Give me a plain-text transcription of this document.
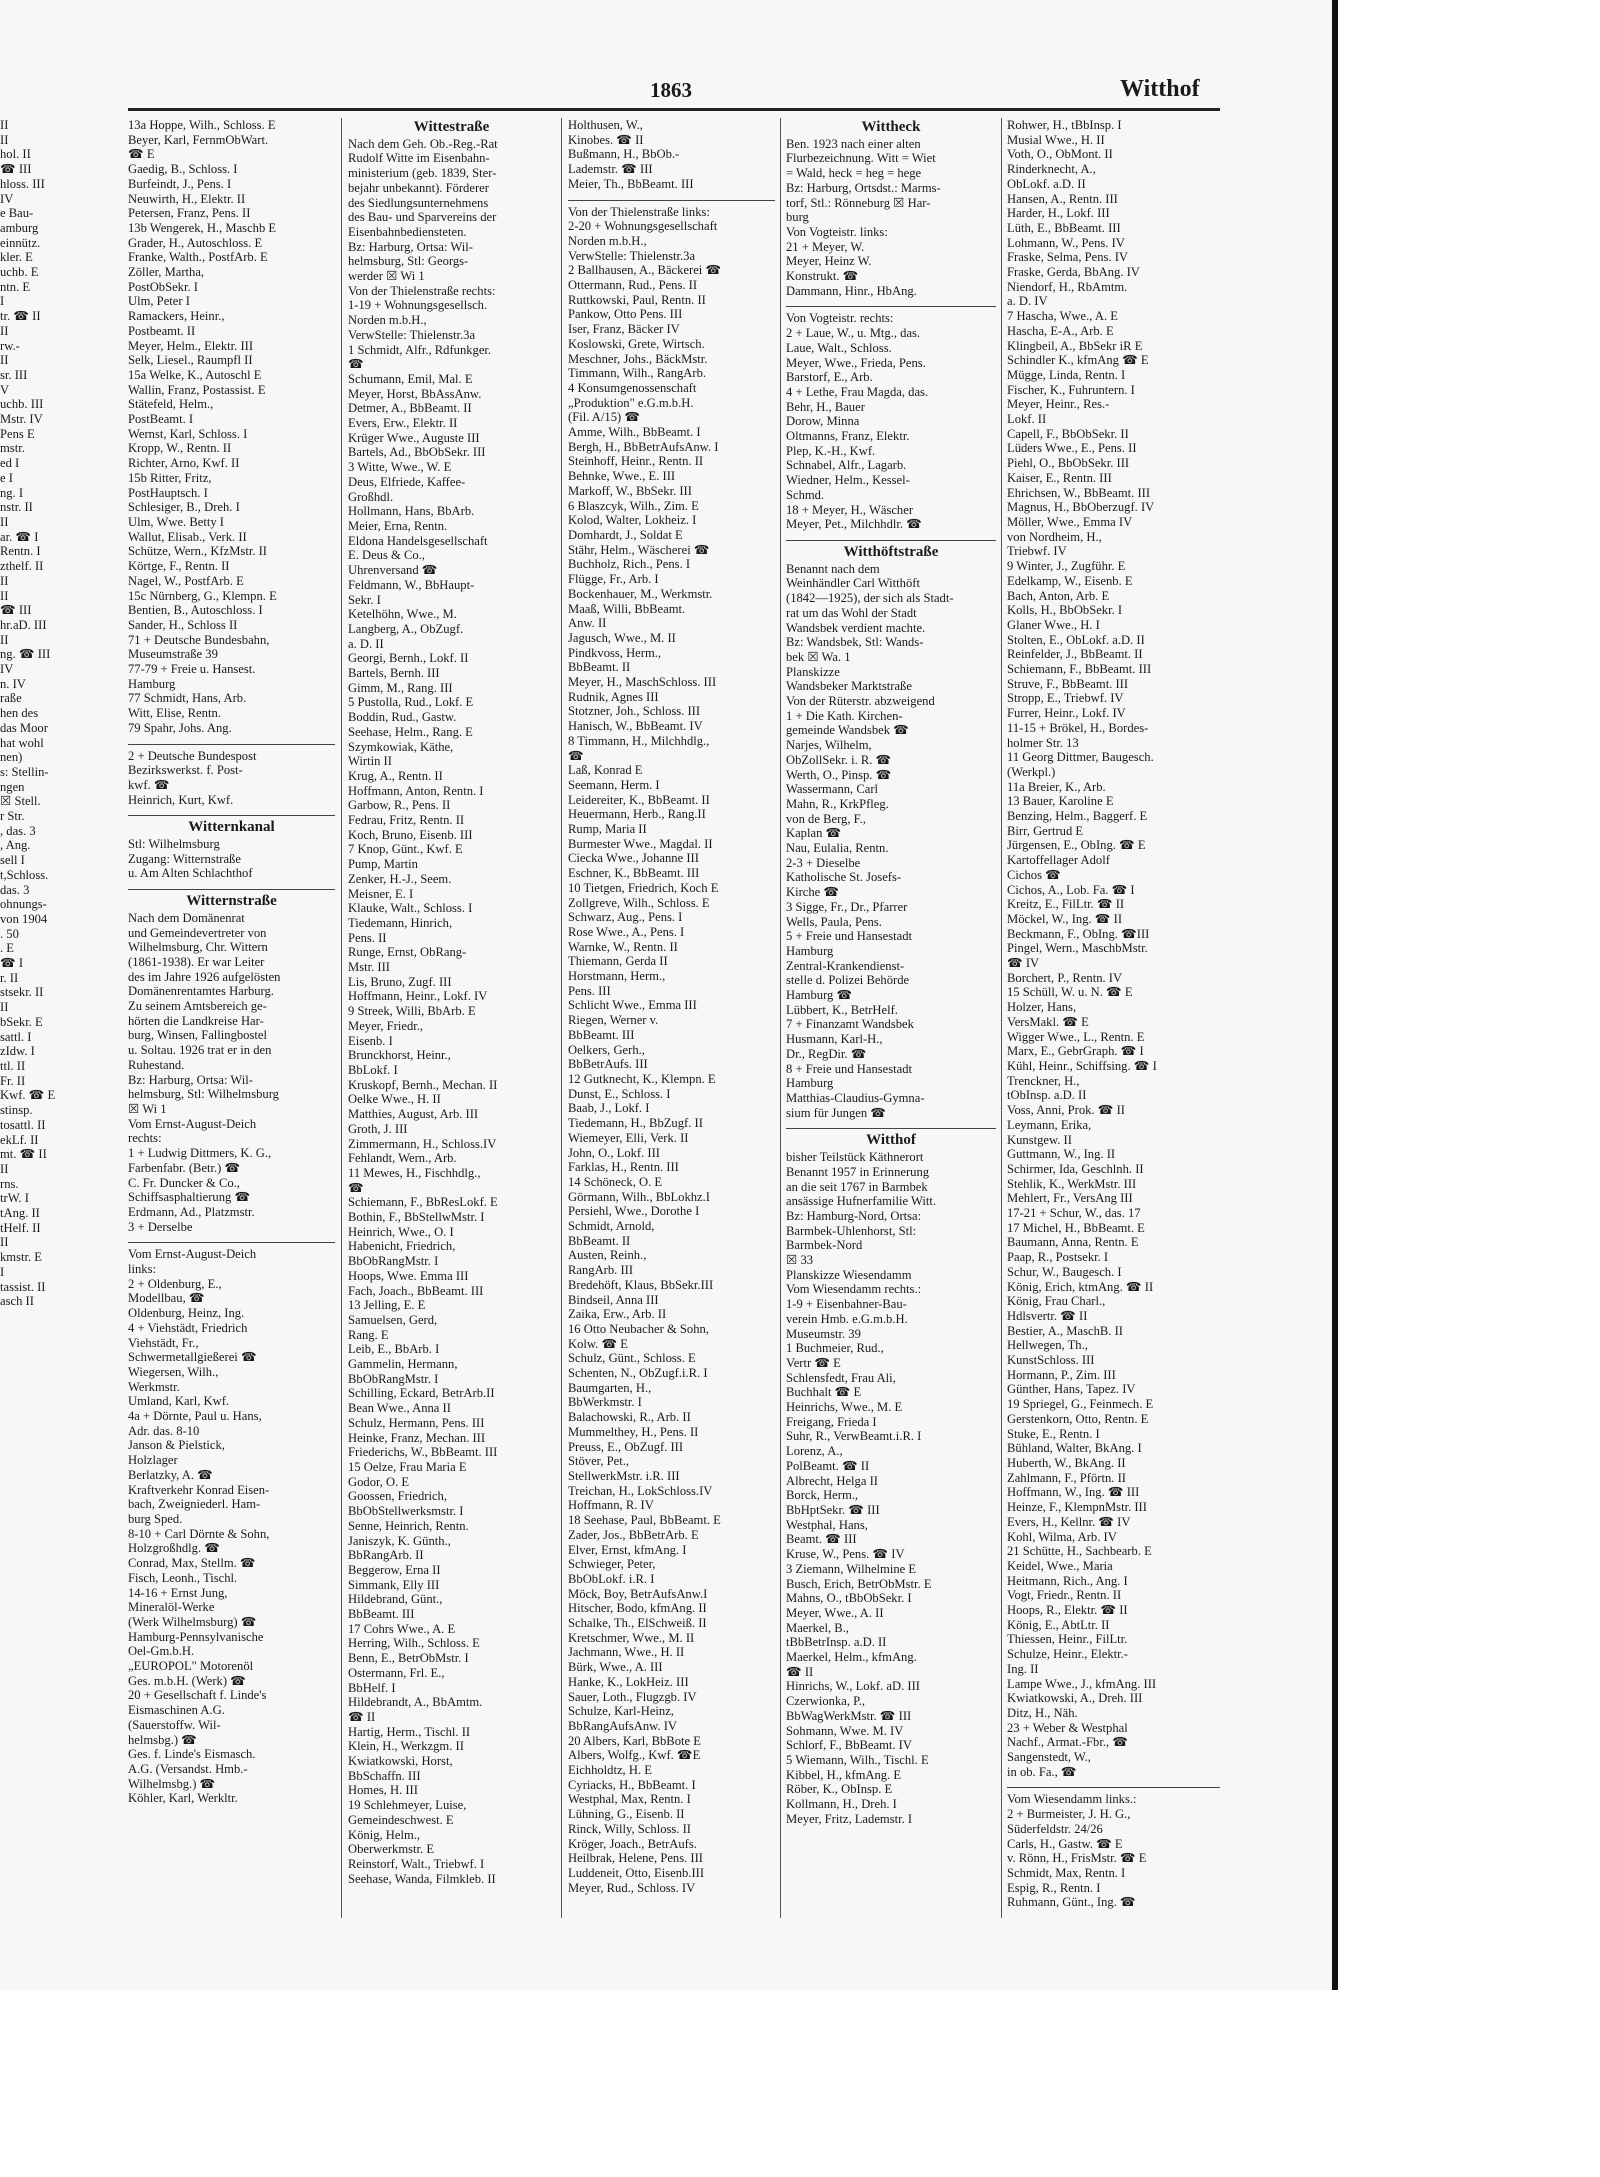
1863	Witthof
II
II
hol. II
☎ III
hloss. III
IV
e Bau-
amburg
einnütz.
kler. E
uchb. E
ntn. E
I
tr. ☎ II
II
rw.-
II
sr. III
V
uchb. III
Mstr. IV
Pens E
mstr.
ed I
e I
ng. I
nstr. II
II
ar. ☎ I
Rentn. I
zthelf. II
II
II
☎ III
hr.aD. III
II
ng. ☎ III
IV
n. IV
raße
hen des
das Moor
hat wohl
nen)
s: Stellin-
ngen
☒ Stell.
r Str.
, das. 3
, Ang.
sell I
t,Schloss.
das. 3
ohnungs-
von 1904
. 50
. E
☎ I
r. II
stsekr. II
II
bSekr. E
sattl. I
zIdw. I
ttl. II
Fr. II
Kwf. ☎ E
stinsp.
tosattl. II
ekLf. II
mt. ☎ II
II
rns.
trW. I
tAng. II
tHelf. II
II
kmstr. E
I
tassist. II
asch II
13a Hoppe, Wilh., Schloss. E
Beyer, Karl, FernmObWart.
☎ E
Gaedig, B., Schloss. I
Burfeindt, J., Pens. I
Neuwirth, H., Elektr. II
Petersen, Franz, Pens. II
13b Wengerek, H., Maschb E
Grader, H., Autoschloss. E
Franke, Walth., PostfArb. E
Zöller, Martha,
PostObSekr. I
Ulm, Peter I
Ramackers, Heinr.,
Postbeamt. II
Meyer, Helm., Elektr. III
Selk, Liesel., Raumpfl II
15a Welke, K., Autoschl E
Wallin, Franz, Postassist. E
Stätefeld, Helm.,
PostBeamt. I
Wernst, Karl, Schloss. I
Kropp, W., Rentn. II
Richter, Arno, Kwf. II
15b Ritter, Fritz,
PostHauptsch. I
Schlesiger, B., Dreh. I
Ulm, Wwe. Betty I
Wallut, Elisab., Verk. II
Schütze, Wern., KfzMstr. II
Körtge, F., Rentn. II
Nagel, W., PostfArb. E
15c Nürnberg, G., Klempn. E
Bentien, B., Autoschloss. I
Sander, H., Schloss II
71 + Deutsche Bundesbahn,
Museumstraße 39
77-79 + Freie u. Hansest.
Hamburg
77 Schmidt, Hans, Arb.
Witt, Elise, Rentn.
79 Spahr, Johs. Ang.
2 + Deutsche Bundespost
Bezirkswerkst. f. Post-
kwf. ☎
Heinrich, Kurt, Kwf.
Witternkanal
Stl: Wilhelmsburg
Zugang: Witternstraße
u. Am Alten Schlachthof
Witternstraße
Nach dem Domänenrat
und Gemeindevertreter von
Wilhelmsburg, Chr. Wittern
(1861-1938). Er war Leiter
des im Jahre 1926 aufgelösten
Domänenrentamtes Harburg.
Zu seinem Amtsbereich ge-
hörten die Landkreise Har-
burg, Winsen, Fallingbostel
u. Soltau. 1926 trat er in den
Ruhestand.
Bz: Harburg, Ortsa: Wil-
helmsburg, Stl: Wilhelmsburg
☒ Wi 1
Vom Ernst-August-Deich
rechts:
1 + Ludwig Dittmers, K. G.,
Farbenfabr. (Betr.) ☎
C. Fr. Duncker & Co.,
Schiffsasphaltierung ☎
Erdmann, Ad., Platzmstr.
3 + Derselbe
Vom Ernst-August-Deich
links:
2 + Oldenburg, E.,
Modellbau, ☎
Oldenburg, Heinz, Ing.
4 + Viehstädt, Friedrich
Viehstädt, Fr.,
Schwermetallgießerei ☎
Wiegersen, Wilh.,
Werkmstr.
Umland, Karl, Kwf.
4a + Dörnte, Paul u. Hans,
Adr. das. 8-10
Janson & Pielstick,
Holzlager
Berlatzky, A. ☎
Kraftverkehr Konrad Eisen-
bach, Zweigniederl. Ham-
burg Sped.
8-10 + Carl Dörnte & Sohn,
Holzgroßhdlg. ☎
Conrad, Max, Stellm. ☎
Fisch, Leonh., Tischl.
14-16 + Ernst Jung,
Mineralöl-Werke
(Werk Wilhelmsburg) ☎
Hamburg-Pennsylvanische
Oel-Gm.b.H.
„EUROPOL" Motorenöl
Ges. m.b.H. (Werk) ☎
20 + Gesellschaft f. Linde's
Eismaschinen A.G.
(Sauerstoffw. Wil-
helmsbg.) ☎
Ges. f. Linde's Eismasch.
A.G. (Versandst. Hmb.-
Wilhelmsbg.) ☎
Köhler, Karl, Werkltr.
Wittestraße
Nach dem Geh. Ob.-Reg.-Rat
Rudolf Witte im Eisenbahn-
ministerium (geb. 1839, Ster-
bejahr unbekannt). Förderer
des Siedlungsunternehmens
des Bau- und Sparvereins der
Eisenbahnbediensteten.
Bz: Harburg, Ortsa: Wil-
helmsburg, Stl: Georgs-
werder ☒ Wi 1
Von der Thielenstraße rechts:
1-19 + Wohnungsgesellsch.
Norden m.b.H.,
VerwStelle: Thielenstr.3a
1 Schmidt, Alfr., Rdfunkger.
☎
Schumann, Emil, Mal. E
Meyer, Horst, BbAssAnw.
Detmer, A., BbBeamt. II
Evers, Erw., Elektr. II
Krüger Wwe., Auguste III
Bartels, Ad., BbObSekr. III
3 Witte, Wwe., W. E
Deus, Elfriede, Kaffee-
Großhdl.
Hollmann, Hans, BbArb.
Meier, Erna, Rentn.
Eldona Handelsgesellschaft
E. Deus & Co.,
Uhrenversand ☎
Feldmann, W., BbHaupt-
Sekr. I
Ketelhöhn, Wwe., M.
Langberg, A., ObZugf.
a. D. II
Georgi, Bernh., Lokf. II
Bartels, Bernh. III
Gimm, M., Rang. III
5 Pustolla, Rud., Lokf. E
Boddin, Rud., Gastw.
Seehase, Helm., Rang. E
Szymkowiak, Käthe,
Wirtin II
Krug, A., Rentn. II
Hoffmann, Anton, Rentn. I
Garbow, R., Pens. II
Fedrau, Fritz, Rentn. II
Koch, Bruno, Eisenb. III
7 Knop, Günt., Kwf. E
Pump, Martin
Zenker, H.-J., Seem.
Meisner, E. I
Klauke, Walt., Schloss. I
Tiedemann, Hinrich,
Pens. II
Runge, Ernst, ObRang-
Mstr. III
Lis, Bruno, Zugf. III
Hoffmann, Heinr., Lokf. IV
9 Streek, Willi, BbArb. E
Meyer, Friedr.,
Eisenb. I
Brunckhorst, Heinr.,
BbLokf. I
Kruskopf, Bernh., Mechan. II
Oelke Wwe., H. II
Matthies, August, Arb. III
Groth, J. III
Zimmermann, H., Schloss.IV
Fehlandt, Wern., Arb.
11 Mewes, H., Fischhdlg.,
☎
Schiemann, F., BbResLokf. E
Bothin, F., BbStellwMstr. I
Heinrich, Wwe., O. I
Habenicht, Friedrich,
BbObRangMstr. I
Hoops, Wwe. Emma III
Fach, Joach., BbBeamt. III
13 Jelling, E. E
Samuelsen, Gerd,
Rang. E
Leib, E., BbArb. I
Gammelin, Hermann,
BbObRangMstr. I
Schilling, Eckard, BetrArb.II
Bean Wwe., Anna II
Schulz, Hermann, Pens. III
Heinke, Franz, Mechan. III
Friederichs, W., BbBeamt. III
15 Oelze, Frau Maria E
Godor, O. E
Goossen, Friedrich,
BbObStellwerksmstr. I
Senne, Heinrich, Rentn.
Janiszyk, K. Günth.,
BbRangArb. II
Beggerow, Erna II
Simmank, Elly III
Hildebrand, Günt.,
BbBeamt. III
17 Cohrs Wwe., A. E
Herring, Wilh., Schloss. E
Benn, E., BetrObMstr. I
Ostermann, Frl. E.,
BbHelf. I
Hildebrandt, A., BbAmtm.
☎ II
Hartig, Herm., Tischl. II
Klein, H., Werkzgm. II
Kwiatkowski, Horst,
BbSchaffn. III
Homes, H. III
19 Schlehmeyer, Luise,
Gemeindeschwest. E
König, Helm.,
Oberwerkmstr. E
Reinstorf, Walt., Triebwf. I
Seehase, Wanda, Filmkleb. II
Holthusen, W.,
Kinobes. ☎ II
Bußmann, H., BbOb.-
Lademstr. ☎ III
Meier, Th., BbBeamt. III
Von der Thielenstraße links:
2-20 + Wohnungsgesellschaft
Norden m.b.H.,
VerwStelle: Thielenstr.3a
2 Ballhausen, A., Bäckerei ☎
Ottermann, Rud., Pens. II
Ruttkowski, Paul, Rentn. II
Pankow, Otto Pens. III
Iser, Franz, Bäcker IV
Koslowski, Grete, Wirtsch.
Meschner, Johs., BäckMstr.
Timmann, Wilh., RangArb.
4 Konsumgenossenschaft
„Produktion" e.G.m.b.H.
(Fil. A/15) ☎
Amme, Wilh., BbBeamt. I
Bergh, H., BbBetrAufsAnw. I
Steinhoff, Heinr., Rentn. II
Behnke, Wwe., E. III
Markoff, W., BbSekr. III
6 Blaszcyk, Wilh., Zim. E
Kolod, Walter, Lokheiz. I
Domhardt, J., Soldat E
Stähr, Helm., Wäscherei ☎
Buchholz, Rich., Pens. I
Flügge, Fr., Arb. I
Bockenhauer, M., Werkmstr.
Maaß, Willi, BbBeamt.
Anw. II
Jagusch, Wwe., M. II
Pindkvoss, Herm.,
BbBeamt. II
Meyer, H., MaschSchloss. III
Rudnik, Agnes III
Stotzner, Joh., Schloss. III
Hanisch, W., BbBeamt. IV
8 Timmann, H., Milchhdlg.,
☎
Laß, Konrad E
Seemann, Herm. I
Leidereiter, K., BbBeamt. II
Heuermann, Herb., Rang.II
Rump, Maria II
Burmester Wwe., Magdal. II
Ciecka Wwe., Johanne III
Eschner, K., BbBeamt. III
10 Tietgen, Friedrich, Koch E
Zollgreve, Wilh., Schloss. E
Schwarz, Aug., Pens. I
Rose Wwe., A., Pens. I
Warnke, W., Rentn. II
Thiemann, Gerda II
Horstmann, Herm.,
Pens. III
Schlicht Wwe., Emma III
Riegen, Werner v.
BbBeamt. III
Oelkers, Gerh.,
BbBetrAufs. III
12 Gutknecht, K., Klempn. E
Dunst, E., Schloss. I
Baab, J., Lokf. I
Tiedemann, H., BbZugf. II
Wiemeyer, Elli, Verk. II
John, O., Lokf. III
Farklas, H., Rentn. III
14 Schöneck, O. E
Görmann, Wilh., BbLokhz.I
Persiehl, Wwe., Dorothe I
Schmidt, Arnold,
BbBeamt. II
Austen, Reinh.,
RangArb. III
Bredehöft, Klaus, BbSekr.III
Bindseil, Anna III
Zaika, Erw., Arb. II
16 Otto Neubacher & Sohn,
Kolw. ☎ E
Schulz, Günt., Schloss. E
Schenten, N., ObZugf.i.R. I
Baumgarten, H.,
BbWerkmstr. I
Balachowski, R., Arb. II
Mummelthey, H., Pens. II
Preuss, E., ObZugf. III
Stöver, Pet.,
StellwerkMstr. i.R. III
Treichan, H., LokSchloss.IV
Hoffmann, R. IV
18 Seehase, Paul, BbBeamt. E
Zader, Jos., BbBetrArb. E
Elver, Ernst, kfmAng. I
Schwieger, Peter,
BbObLokf. i.R. I
Möck, Boy, BetrAufsAnw.I
Hitscher, Bodo, kfmAng. II
Schalke, Th., ElSchweiß. II
Kretschmer, Wwe., M. II
Jachmann, Wwe., H. II
Bürk, Wwe., A. III
Hanke, K., LokHeiz. III
Sauer, Loth., Flugzgb. IV
Schulze, Karl-Heinz,
BbRangAufsAnw. IV
20 Albers, Karl, BbBote E
Albers, Wolfg., Kwf. ☎E
Eichholdtz, H. E
Cyriacks, H., BbBeamt. I
Westphal, Max, Rentn. I
Lühning, G., Eisenb. II
Rinck, Willy, Schloss. II
Kröger, Joach., BetrAufs.
Heilbrak, Helene, Pens. III
Luddeneit, Otto, Eisenb.III
Meyer, Rud., Schloss. IV
Wittheck
Ben. 1923 nach einer alten
Flurbezeichnung. Witt = Wiet
= Wald, heck = heg = hege
Bz: Harburg, Ortsdst.: Marms-
torf, Stl.: Rönneburg ☒ Har-
burg
Von Vogteistr. links:
21 + Meyer, W.
Meyer, Heinz W.
Konstrukt. ☎
Dammann, Hinr., HbAng.
Von Vogteistr. rechts:
2 + Laue, W., u. Mtg., das.
Laue, Walt., Schloss.
Meyer, Wwe., Frieda, Pens.
Barstorf, E., Arb.
4 + Lethe, Frau Magda, das.
Behr, H., Bauer
Dorow, Minna
Oltmanns, Franz, Elektr.
Plep, K.-H., Kwf.
Schnabel, Alfr., Lagarb.
Wiedner, Helm., Kessel-
Schmd.
18 + Meyer, H., Wäscher
Meyer, Pet., Milchhdlr. ☎
Witthöftstraße
Benannt nach dem
Weinhändler Carl Witthöft
(1842—1925), der sich als Stadt-
rat um das Wohl der Stadt
Wandsbek verdient machte.
Bz: Wandsbek, Stl: Wands-
bek ☒ Wa. 1
Planskizze
Wandsbeker Marktstraße
Von der Rüterstr. abzweigend
1 + Die Kath. Kirchen-
gemeinde Wandsbek ☎
Narjes, Wilhelm,
ObZollSekr. i. R. ☎
Werth, O., Pinsp. ☎
Wassermann, Carl
Mahn, R., KrkPfleg.
von de Berg, F.,
Kaplan ☎
Nau, Eulalia, Rentn.
2-3 + Dieselbe
Katholische St. Josefs-
Kirche ☎
3 Sigge, Fr., Dr., Pfarrer
Wells, Paula, Pens.
5 + Freie und Hansestadt
Hamburg
Zentral-Krankendienst-
stelle d. Polizei Behörde
Hamburg ☎
Lübbert, K., BetrHelf.
7 + Finanzamt Wandsbek
Husmann, Karl-H.,
Dr., RegDir. ☎
8 + Freie und Hansestadt
Hamburg
Matthias-Claudius-Gymna-
sium für Jungen ☎
Witthof
bisher Teilstück Käthnerort
Benannt 1957 in Erinnerung
an die seit 1767 in Barmbek
ansässige Hufnerfamilie Witt.
Bz: Hamburg-Nord, Ortsa:
Barmbek-Uhlenhorst, Stl:
Barmbek-Nord
☒ 33
Planskizze Wiesendamm
Vom Wiesendamm rechts.:
1-9 + Eisenbahner-Bau-
verein Hmb. e.G.m.b.H.
Museumstr. 39
1 Buchmeier, Rud.,
Vertr ☎ E
Schlensfedt, Frau Ali,
Buchhalt ☎ E
Heinrichs, Wwe., M. E
Freigang, Frieda I
Suhr, R., VerwBeamt.i.R. I
Lorenz, A.,
PolBeamt. ☎ II
Albrecht, Helga II
Borck, Herm.,
BbHptSekr. ☎ III
Westphal, Hans,
Beamt. ☎ III
Kruse, W., Pens. ☎ IV
3 Ziemann, Wilhelmine E
Busch, Erich, BetrObMstr. E
Mahns, O., tBbObSekr. I
Meyer, Wwe., A. II
Maerkel, B.,
tBbBetrInsp. a.D. II
Maerkel, Helm., kfmAng.
☎ II
Hinrichs, W., Lokf. aD. III
Czerwionka, P.,
BbWagWerkMstr. ☎ III
Sohmann, Wwe. M. IV
Schlorf, F., BbBeamt. IV
5 Wiemann, Wilh., Tischl. E
Kibbel, H., kfmAng. E
Röber, K., ObInsp. E
Kollmann, H., Dreh. I
Meyer, Fritz, Lademstr. I
Rohwer, H., tBbInsp. I
Musial Wwe., H. II
Voth, O., ObMont. II
Rinderknecht, A.,
ObLokf. a.D. II
Hansen, A., Rentn. III
Harder, H., Lokf. III
Lüth, E., BbBeamt. III
Lohmann, W., Pens. IV
Fraske, Selma, Pens. IV
Fraske, Gerda, BbAng. IV
Niendorf, H., RbAmtm.
a. D. IV
7 Hascha, Wwe., A. E
Hascha, E-A., Arb. E
Klingbeil, A., BbSekr iR E
Schindler K., kfmAng ☎ E
Mügge, Linda, Rentn. I
Fischer, K., Fuhruntern. I
Meyer, Heinr., Res.-
Lokf. II
Capell, F., BbObSekr. II
Lüders Wwe., E., Pens. II
Piehl, O., BbObSekr. III
Kaiser, E., Rentn. III
Ehrichsen, W., BbBeamt. III
Magnus, H., BbOberzugf. IV
Möller, Wwe., Emma IV
von Nordheim, H.,
Triebwf. IV
9 Winter, J., Zugführ. E
Edelkamp, W., Eisenb. E
Bach, Anton, Arb. E
Kolls, H., BbObSekr. I
Glaner Wwe., H. I
Stolten, E., ObLokf. a.D. II
Reinfelder, J., BbBeamt. II
Schiemann, F., BbBeamt. III
Struve, F., BbBeamt. III
Stropp, E., Triebwf. IV
Furrer, Heinr., Lokf. IV
11-15 + Brökel, H., Bordes-
holmer Str. 13
11 Georg Dittmer, Baugesch.
(Werkpl.)
11a Breier, K., Arb.
13 Bauer, Karoline E
Benzing, Helm., Baggerf. E
Birr, Gertrud E
Jürgensen, E., ObIng. ☎ E
Kartoffellager Adolf
Cichos ☎
Cichos, A., Lob. Fa. ☎ I
Kreitz, E., FilLtr. ☎ II
Möckel, W., Ing. ☎ II
Beckmann, F., ObIng. ☎III
Pingel, Wern., MaschbMstr.
☎ IV
Borchert, P., Rentn. IV
15 Schüll, W. u. N. ☎ E
Holzer, Hans,
VersMakl. ☎ E
Wigger Wwe., L., Rentn. E
Marx, E., GebrGraph. ☎ I
Kühl, Heinr., Schiffsing. ☎ I
Trenckner, H.,
tObInsp. a.D. II
Voss, Anni, Prok. ☎ II
Leymann, Erika,
Kunstgew. II
Guttmann, W., Ing. II
Schirmer, Ida, Geschlnh. II
Stehlik, K., WerkMstr. III
Mehlert, Fr., VersAng III
17-21 + Schur, W., das. 17
17 Michel, H., BbBeamt. E
Baumann, Anna, Rentn. E
Paap, R., Postsekr. I
Schur, W., Baugesch. I
König, Erich, ktmAng. ☎ II
König, Frau Charl.,
Hdlsvertr. ☎ II
Bestier, A., MaschB. II
Hellwegen, Th.,
KunstSchloss. III
Hormann, P., Zim. III
Günther, Hans, Tapez. IV
19 Spriegel, G., Feinmech. E
Gerstenkorn, Otto, Rentn. E
Stuke, E., Rentn. I
Bühland, Walter, BkAng. I
Huberth, W., BkAng. II
Zahlmann, F., Pförtn. II
Hoffmann, W., Ing. ☎ III
Heinze, F., KlempnMstr. III
Evers, H., Kellnr. ☎ IV
Kohl, Wilma, Arb. IV
21 Schütte, H., Sachbearb. E
Keidel, Wwe., Maria
Heitmann, Rich., Ang. I
Vogt, Friedr., Rentn. II
Hoops, R., Elektr. ☎ II
König, E., AbtLtr. II
Thiessen, Heinr., FilLtr.
Schulze, Heinr., Elektr.-
Ing. II
Lampe Wwe., J., kfmAng. III
Kwiatkowski, A., Dreh. III
Ditz, H., Näh.
23 + Weber & Westphal
Nachf., Armat.-Fbr., ☎
Sangenstedt, W.,
in ob. Fa., ☎
Vom Wiesendamm links.:
2 + Burmeister, J. H. G.,
Süderfeldstr. 24/26
Carls, H., Gastw. ☎ E
v. Rönn, H., FrisMstr. ☎ E
Schmidt, Max, Rentn. I
Espig, R., Rentn. I
Ruhmann, Günt., Ing. ☎
